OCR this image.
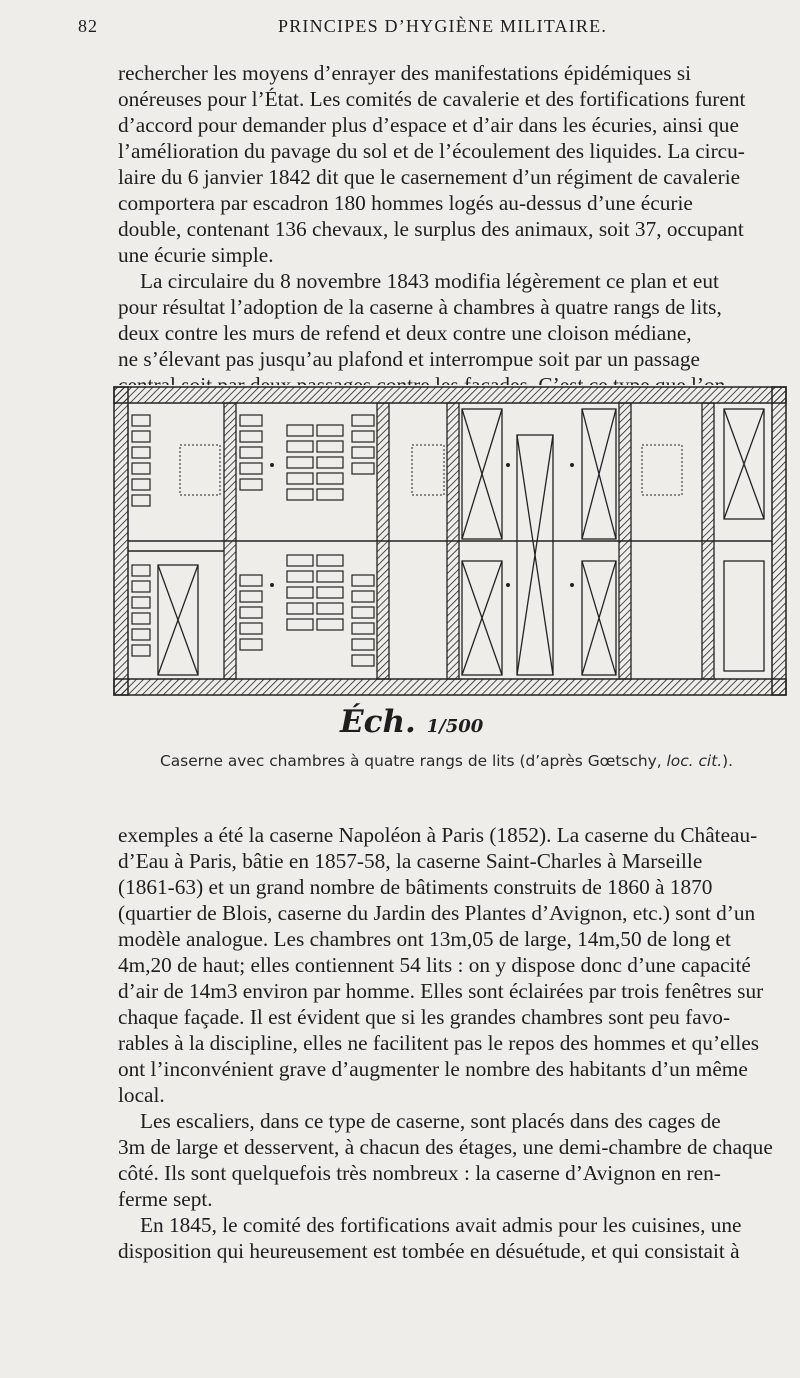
82	PRINCIPES D’HYGIÈNE MILITAIRE.

rechercher les moyens d’enrayer des manifestations épidémiques si

onéreuses pour l’État. Les comités de cavalerie et des fortifications furent

d’accord pour demander plus d’espace et d’air dans les écuries, ainsi que

l’amélioration du pavage du sol et de l’écoulement des liquides. La circu-

laire du 6 janvier 1842 dit que le casernement d’un régiment de cavalerie

comportera par escadron 180 hommes logés au-dessus d’une écurie

double, contenant 136 chevaux, le surplus des animaux, soit 37, occupant

une écurie simple.

La circulaire du 8 novembre 1843 modifia légèrement ce plan et eut

pour résultat l’adoption de la caserne à chambres à quatre rangs de lits,

deux contre les murs de refend et deux contre une cloison médiane,

ne s’élevant pas jusqu’au plafond et interrompue soit par un passage

Éch. 1/500
Caserne avec chambres à quatre rangs de lits (d’après Gœtschy, loc. cit.).

exemples a été la caserne Napoléon à Paris (1852). La caserne du Château-

d’Eau à Paris, bâtie en 1857-58, la caserne Saint-Charles à Marseille

(1861-63) et un grand nombre de bâtiments construits de 1860 à 1870

(quartier de Blois, caserne du Jardin des Plantes d’Avignon, etc.) sont d’un

modèle analogue. Les chambres ont 13m,05 de large, 14m,50 de long et

4m,20 de haut; elles contiennent 54 lits : on y dispose donc d’une capacité

d’air de 14m3 environ par homme. Elles sont éclairées par trois fenêtres sur

chaque façade. Il est évident que si les grandes chambres sont peu favo-

rables à la discipline, elles ne facilitent pas le repos des hommes et qu’elles

ont l’inconvénient grave d’augmenter le nombre des habitants d’un même

local.

Les escaliers, dans ce type de caserne, sont placés dans des cages de

3m de large et desservent, à chacun des étages, une demi-chambre de chaque

côté. Ils sont quelquefois très nombreux : la caserne d’Avignon en ren-

ferme sept.

En 1845, le comité des fortifications avait admis pour les cuisines, une

disposition qui heureusement est tombée en désuétude, et qui consistait à
